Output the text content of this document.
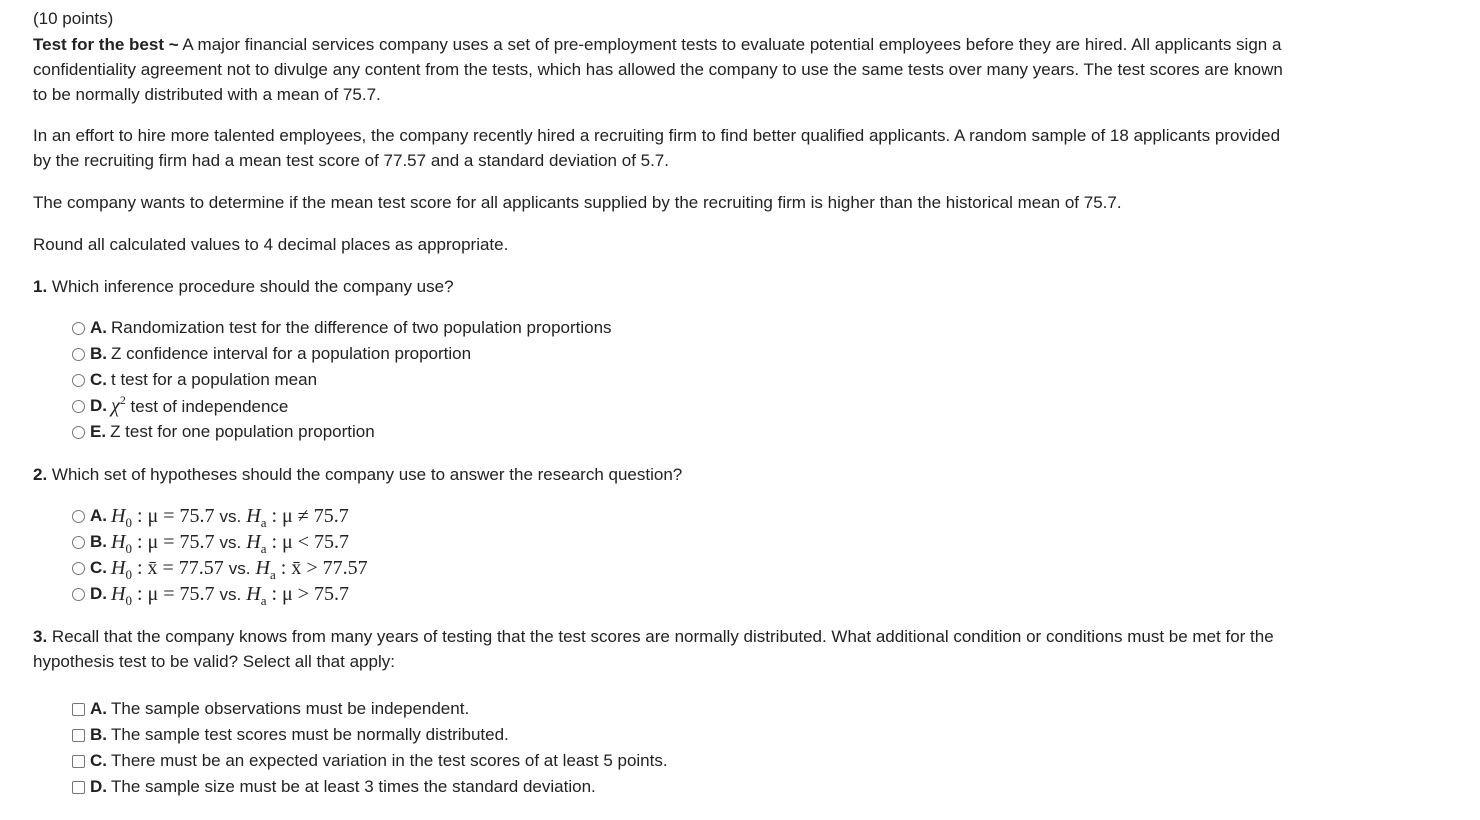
(10 points)

Test for the best ~ A major financial services company uses a set of pre-employment tests to evaluate potential employees before they are hired. All applicants sign a confidentiality agreement not to divulge any content from the tests, which has allowed the company to use the same tests over many years. The test scores are known to be normally distributed with a mean of 75.7.

In an effort to hire more talented employees, the company recently hired a recruiting firm to find better qualified applicants. A random sample of 18 applicants provided by the recruiting firm had a mean test score of 77.57 and a standard deviation of 5.7.

The company wants to determine if the mean test score for all applicants supplied by the recruiting firm is higher than the historical mean of 75.7.

Round all calculated values to 4 decimal places as appropriate.

1. Which inference procedure should the company use?

A. Randomization test for the difference of two population proportions
B. Z confidence interval for a population proportion
C. t test for a population mean
D. $\chi^2$ test of independence
E. Z test for one population proportion

2. Which set of hypotheses should the company use to answer the research question?

A. $H_0$ : μ = 75.7 vs. $H_a$ : μ ≠ 75.7
B. $H_0$ : μ = 75.7 vs. $H_a$ : μ < 75.7
C. $H_0$ : x̄ = 77.57 vs. $H_a$ : x̄ > 77.57
D. $H_0$ : μ = 75.7 vs. $H_a$ : μ > 75.7

3. Recall that the company knows from many years of testing that the test scores are normally distributed. What additional condition or conditions must be met for the hypothesis test to be valid? Select all that apply:

A. The sample observations must be independent.
B. The sample test scores must be normally distributed.
C. There must be an expected variation in the test scores of at least 5 points.
D. The sample size must be at least 3 times the standard deviation.
